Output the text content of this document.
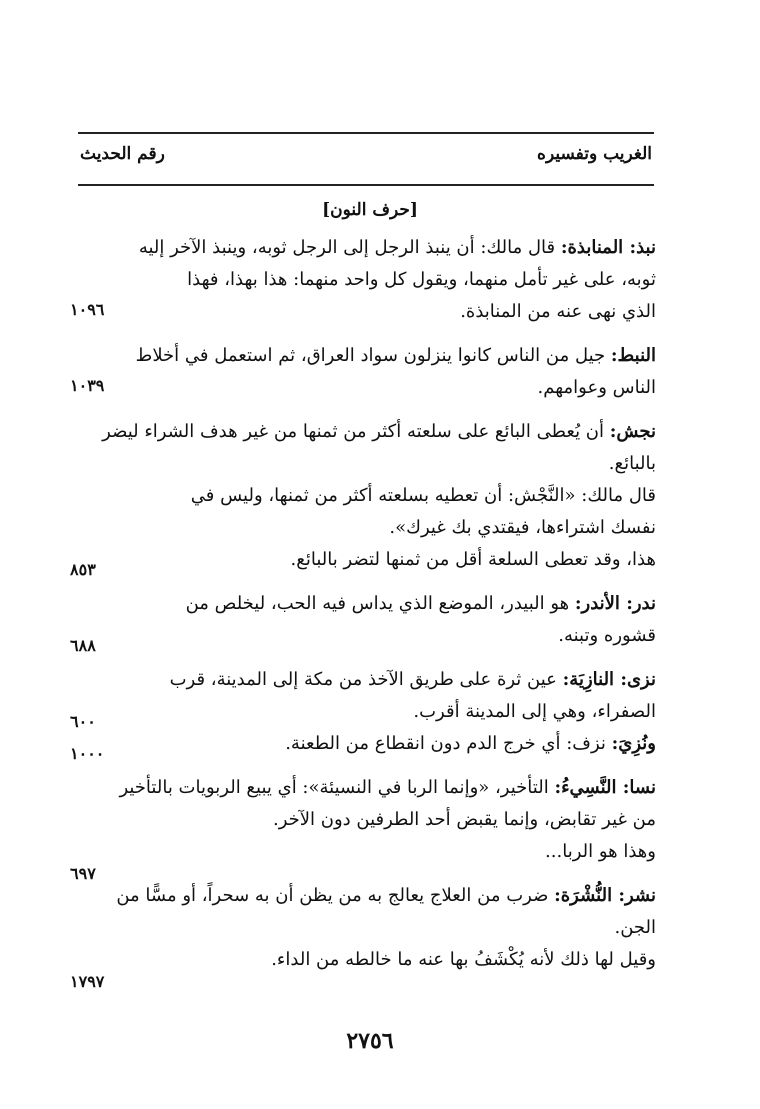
الغريب وتفسيره
رقم الحديث
[حرف النون]
نبذ: المنابذة: قال مالك: أن ينبذ الرجل إلى الرجل ثوبه، وينبذ الآخر إليه
ثوبه، على غير تأمل منهما، ويقول كل واحد منهما: هذا بهذا، فهذا
الذي نهى عنه من المنابذة.
النبط: جيل من الناس كانوا ينزلون سواد العراق، ثم استعمل في أخلاط
الناس وعوامهم.
نجش: أن يُعطى البائع على سلعته أكثر من ثمنها من غير هدف الشراء ليضر
بالبائع.
قال مالك: «النَّجْش: أن تعطيه بسلعته أكثر من ثمنها، وليس في
نفسك اشتراءها، فيقتدي بك غيرك».
هذا، وقد تعطى السلعة أقل من ثمنها لتضر بالبائع.
ندر: الأندر: هو البيدر، الموضع الذي يداس فيه الحب، ليخلص من
قشوره وتبنه.
نزى: النازِيَة: عين ثرة على طريق الآخذ من مكة إلى المدينة، قرب
الصفراء، وهي إلى المدينة أقرب.
ونُزِيَ: نزف: أي خرج الدم دون انقطاع من الطعنة.
نسا: النَّسِيءُ: التأخير، «وإنما الربا في النسيئة»: أي يبيع الربويات بالتأخير
من غير تقابض، وإنما يقبض أحد الطرفين دون الآخر.
وهذا هو الربا...
نشر: النُّشْرَة: ضرب من العلاج يعالج به من يظن أن به سحراً، أو مسًّا من
الجن.
وقيل لها ذلك لأنه يُكْشَفُ بها عنه ما خالطه من الداء.
١٠٩٦
١٠٣٩
٨٥٣
٦٨٨
٦٠٠
١٠٠٠
٦٩٧
١٧٩٧
٢٧٥٦
